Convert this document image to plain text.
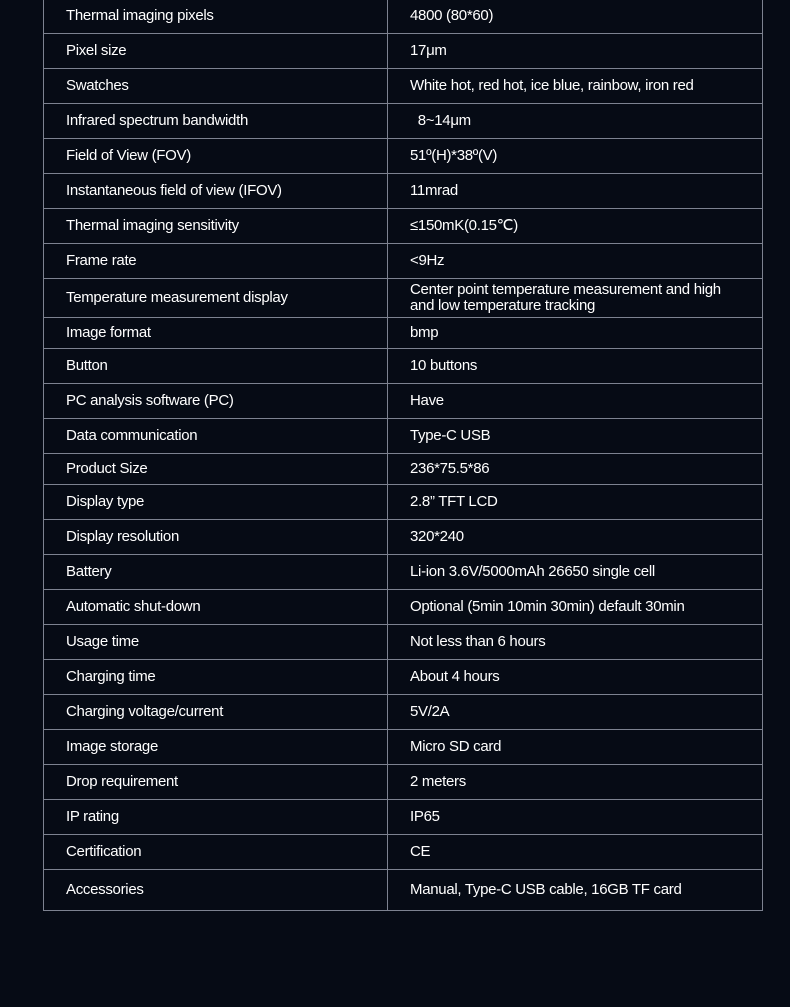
Thermal imaging pixels	4800 (80*60)
Pixel size	17μm
Swatches	White hot, red hot, ice blue, rainbow, iron red
Infrared spectrum bandwidth	8~14μm
Field of View (FOV)	51º(H)*38º(V)
Instantaneous field of view (IFOV)	11mrad
Thermal imaging sensitivity	≤150mK(0.15℃)
Frame rate	<9Hz
Temperature measurement display	Center point temperature measurement and high and low temperature tracking
Image format	bmp
Button	10 buttons
PC analysis software (PC)	Have
Data communication	Type-C USB
Product Size	236*75.5*86
Display type	2.8” TFT LCD
Display resolution	320*240
Battery	Li-ion 3.6V/5000mAh 26650 single cell
Automatic shut-down	Optional (5min 10min 30min) default 30min
Usage time	Not less than 6 hours
Charging time	About 4 hours
Charging voltage/current	5V/2A
Image storage	Micro SD card
Drop requirement	2 meters
IP rating	IP65
Certification	CE
Accessories	Manual, Type-C USB cable, 16GB TF card
